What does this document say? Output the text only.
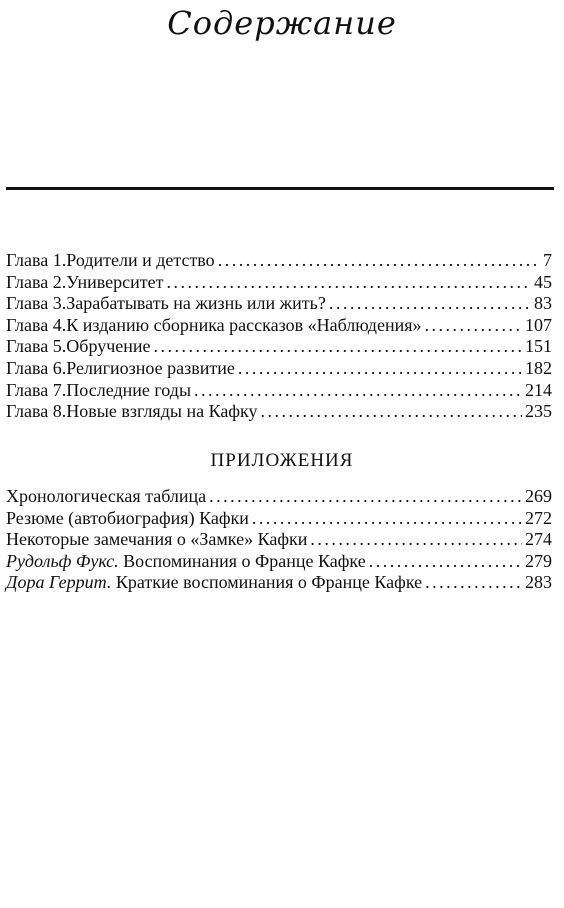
Содержание
Глава 1. Родители и детство . . .	7
Глава 2. Университет . . .	45
Глава 3. Зарабатывать на жизнь или жить? . . .	83
Глава 4. К изданию сборника рассказов «Наблюдения» . . .	107
Глава 5. Обручение . . .	151
Глава 6. Религиозное развитие . . .	182
Глава 7. Последние годы . . .	214
Глава 8. Новые взгляды на Кафку . . .	235
ПРИЛОЖЕНИЯ
Хронологическая таблица . . .	269
Резюме (автобиография) Кафки . . .	272
Некоторые замечания о «Замке» Кафки . . .	274
Рудольф Фукс. Воспоминания о Франце Кафке . . .	279
Дора Геррит. Краткие воспоминания о Франце Кафке . . .	283
